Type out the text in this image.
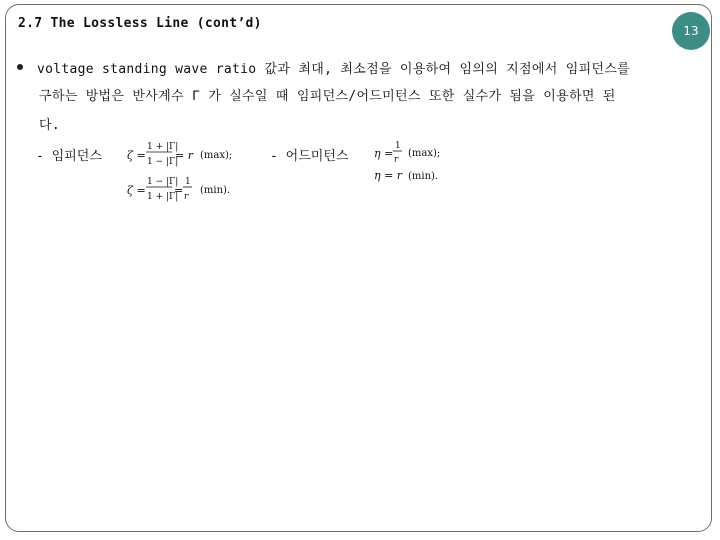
2.7 The Lossless Line (cont’d)	13
voltage standing wave ratio 값과 최대, 최소점을 이용하여 임의의 지점에서 임피던스를
구하는 방법은 반사계수 Γ 가 실수일 때 임피던스/어드미턴스 또한 실수가 됨을 이용하면 된
다.
- 임피던스 ζ =
1 + |Γ|
1 − |Γ|
= r (max);
ζ =
1 − |Γ|
1 + |Γ|
=
1
r
(min).
- 어드미턴스 η =
1
r
(max);
η = r (min).
